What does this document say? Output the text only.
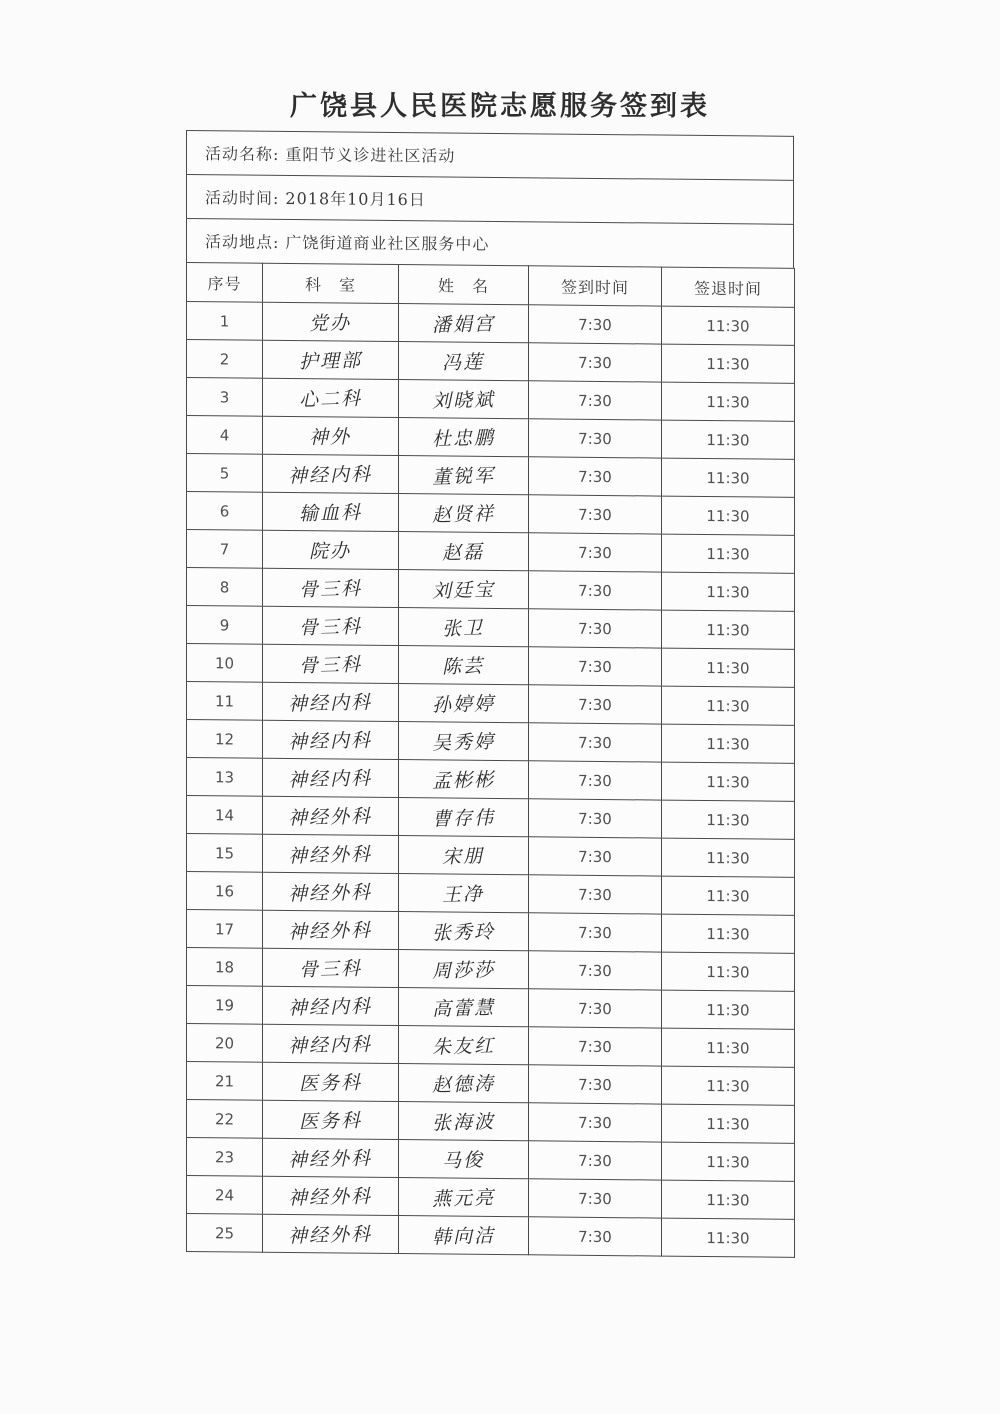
广饶县人民医院志愿服务签到表
活动名称: 重阳节义诊进社区活动
活动时间: 2018年10月16日
活动地点: 广饶街道商业社区服务中心
序号	科　室	姓　名	签到时间	签退时间
1	党办	潘娟宫	7:30	11:30
2	护理部	冯莲	7:30	11:30
3	心二科	刘晓斌	7:30	11:30
4	神外	杜忠鹏	7:30	11:30
5	神经内科	董锐军	7:30	11:30
6	输血科	赵贤祥	7:30	11:30
7	院办	赵磊	7:30	11:30
8	骨三科	刘廷宝	7:30	11:30
9	骨三科	张卫	7:30	11:30
10	骨三科	陈芸	7:30	11:30
11	神经内科	孙婷婷	7:30	11:30
12	神经内科	吴秀婷	7:30	11:30
13	神经内科	孟彬彬	7:30	11:30
14	神经外科	曹存伟	7:30	11:30
15	神经外科	宋朋	7:30	11:30
16	神经外科	王净	7:30	11:30
17	神经外科	张秀玲	7:30	11:30
18	骨三科	周莎莎	7:30	11:30
19	神经内科	高蕾慧	7:30	11:30
20	神经内科	朱友红	7:30	11:30
21	医务科	赵德涛	7:30	11:30
22	医务科	张海波	7:30	11:30
23	神经外科	马俊	7:30	11:30
24	神经外科	燕元亮	7:30	11:30
25	神经外科	韩向洁	7:30	11:30
